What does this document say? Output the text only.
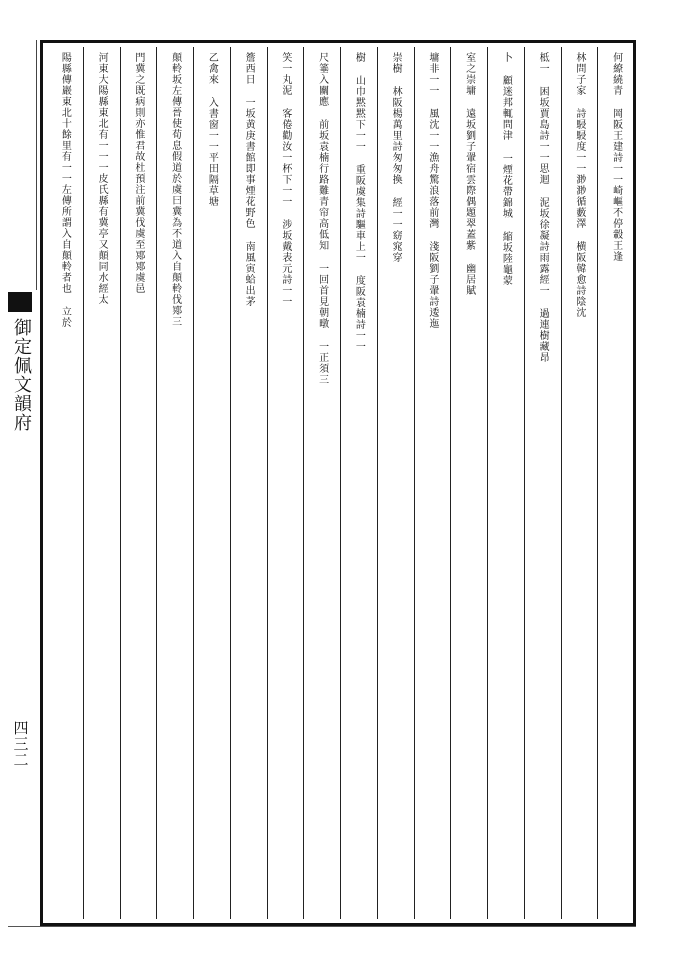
御定佩文韻府
四三二
何繚繞青 岡阪王建詩一一崎嶇不停轂王逢
林問子家 詩駸駸度一一渺渺循藪澤 横阪韓愈詩陰沈
柢一 困坂賈島詩一一思迴 泥坂徐凝詩雨露經一 過連樹藏昂
卜 顧迷邦輒問津 一煙花帶錦城 縮坂陸龜蒙
室之崇墉 遠坂劉子翬宿雲際偶題翠蓋紫 幽居賦
墉非一一 風沈一一漁舟驚浪落前灣 淺阪劉子翬詩逶迤
崇樹 林阪楊萬里詩匆匆換 經一一窈窕穿
樹 山巾黙黙下一一 重阪虞集詩驅車上一 度阪袁楠詩一一
尺箠入關應 前坂袁楠行路難青帘高低知 一回首見朝暾 一正須三
笑一丸泥 客倦勸汝一杯下一一 涉坂戴表元詩一一
簷西日 一坂黄庚書館即事煙花野色 南風寅蛤出茅
乙禽來 入書窗一一平田隔草塘
顛軨坂左傳晉使荀息假道於虞曰冀為不道入自顛軨伐鄍三
門冀之既病則亦惟君故杜預注前冀伐虞至鄍鄍虞邑
河東大陽縣東北有一一一皮氏縣有冀亭又顛同水經太
陽縣傳巖東北十餘里有一一左傳所謂入自顛軨者也 立於
